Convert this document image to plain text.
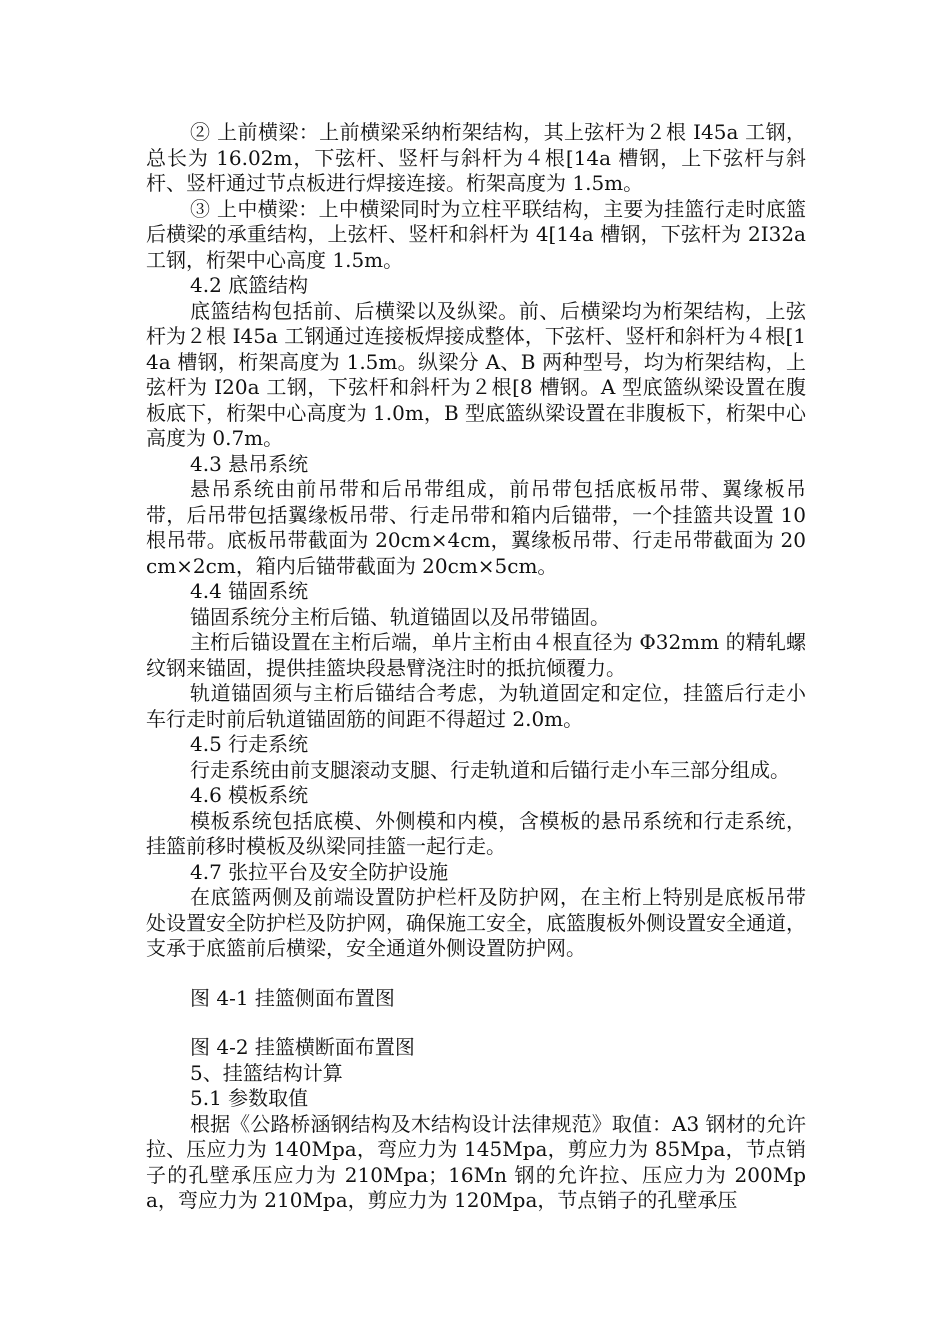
② 上前横梁：上前横梁采纳桁架结构，其上弦杆为２根 I45a 工钢，总长为 16.02m，下弦杆、竖杆与斜杆为４根[14a 槽钢，上下弦杆与斜杆、竖杆通过节点板进行焊接连接。桁架高度为 1.5m。

③ 上中横梁：上中横梁同时为立柱平联结构，主要为挂篮行走时底篮后横梁的承重结构，上弦杆、竖杆和斜杆为 4[14a 槽钢，下弦杆为 2I32a 工钢，桁架中心高度 1.5m。

4.2 底篮结构

底篮结构包括前、后横梁以及纵梁。前、后横梁均为桁架结构，上弦杆为２根 I45a 工钢通过连接板焊接成整体，下弦杆、竖杆和斜杆为４根[14a 槽钢，桁架高度为 1.5m。纵梁分 A、B 两种型号，均为桁架结构，上弦杆为 I20a 工钢，下弦杆和斜杆为２根[8 槽钢。A 型底篮纵梁设置在腹板底下，桁架中心高度为 1.0m，B 型底篮纵梁设置在非腹板下，桁架中心高度为 0.7m。

4.3 悬吊系统

悬吊系统由前吊带和后吊带组成，前吊带包括底板吊带、翼缘板吊带，后吊带包括翼缘板吊带、行走吊带和箱内后锚带，一个挂篮共设置 10 根吊带。底板吊带截面为 20cm×4cm，翼缘板吊带、行走吊带截面为 20cm×2cm，箱内后锚带截面为 20cm×5cm。

4.4 锚固系统

锚固系统分主桁后锚、轨道锚固以及吊带锚固。

主桁后锚设置在主桁后端，单片主桁由４根直径为 Φ32mm 的精轧螺纹钢来锚固，提供挂篮块段悬臂浇注时的抵抗倾覆力。

轨道锚固须与主桁后锚结合考虑，为轨道固定和定位，挂篮后行走小车行走时前后轨道锚固筋的间距不得超过 2.0m。

4.5 行走系统

行走系统由前支腿滚动支腿、行走轨道和后锚行走小车三部分组成。

4.6 模板系统

模板系统包括底模、外侧模和内模，含模板的悬吊系统和行走系统，挂篮前移时模板及纵梁同挂篮一起行走。

4.7 张拉平台及安全防护设施

在底篮两侧及前端设置防护栏杆及防护网，在主桁上特别是底板吊带处设置安全防护栏及防护网，确保施工安全，底篮腹板外侧设置安全通道，支承于底篮前后横梁，安全通道外侧设置防护网。

图 4-1 挂篮侧面布置图

图 4-2 挂篮横断面布置图

5、挂篮结构计算

5.1 参数取值

根据《公路桥涵钢结构及木结构设计法律规范》取值：A3 钢材的允许拉、压应力为 140Mpa，弯应力为 145Mpa，剪应力为 85Mpa，节点销子的孔壁承压应力为 210Mpa；16Mn 钢的允许拉、压应力为 200Mpa，弯应力为 210Mpa，剪应力为 120Mpa，节点销子的孔壁承压
